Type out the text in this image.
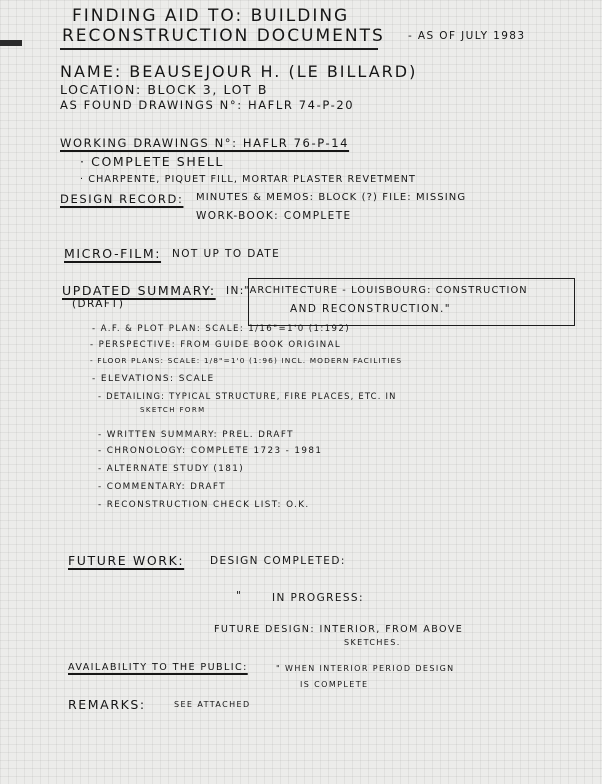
FINDING AID TO: BUILDING
RECONSTRUCTION DOCUMENTS - AS OF JULY 1983
NAME: BEAUSEJOUR H. (LE BILLARD)
LOCATION: BLOCK 3, LOT B
AS FOUND DRAWINGS N°: HAFLR 74-P-20
WORKING DRAWINGS N°: HAFLR 76-P-14
· COMPLETE SHELL
· CHARPENTE, PIQUET FILL, MORTAR PLASTER REVETMENT
DESIGN RECORD: MINUTES & MEMOS: BLOCK (?) FILE: MISSING
WORK-BOOK: COMPLETE
MICRO-FILM: NOT UP TO DATE
UPDATED SUMMARY:
(DRAFT)
IN: "ARCHITECTURE - LOUISBOURG: CONSTRUCTION
AND RECONSTRUCTION."
- A.F. & PLOT PLAN: SCALE: 1/16"=1'0 (1:192)
- PERSPECTIVE: FROM GUIDE BOOK ORIGINAL
- FLOOR PLANS: SCALE: 1/8"=1'0 (1:96) INCL. MODERN FACILITIES
- ELEVATIONS: SCALE
- DETAILING: TYPICAL STRUCTURE, FIRE PLACES, ETC. IN
SKETCH FORM
- WRITTEN SUMMARY: PREL. DRAFT
- CHRONOLOGY: COMPLETE 1723 - 1981
- ALTERNATE STUDY (181)
- COMMENTARY: DRAFT
- RECONSTRUCTION CHECK LIST: O.K.
FUTURE WORK: DESIGN COMPLETED:
"	IN PROGRESS:
FUTURE DESIGN: INTERIOR, FROM ABOVE
SKETCHES.
AVAILABILITY TO THE PUBLIC:	" WHEN INTERIOR PERIOD DESIGN
IS COMPLETE
REMARKS:	SEE ATTACHED
